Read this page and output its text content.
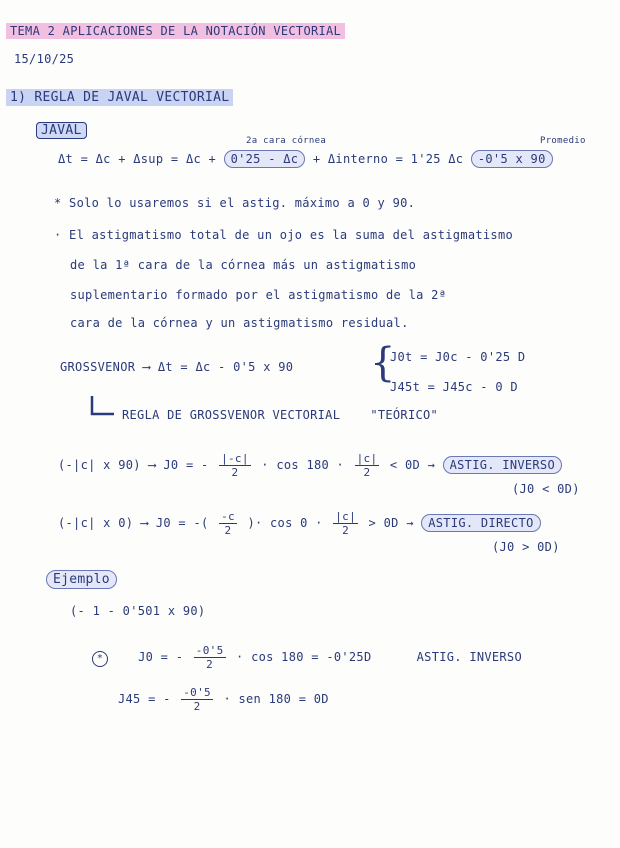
TEMA 2 APLICACIONES DE LA NOTACIÓN VECTORIAL
15/10/25
1) REGLA DE JAVAL VECTORIAL
JAVAL
2a cara córnea	Promedio
Δt = Δc + Δsup = Δc + 0'25 - Δc + Δinterno = 1'25 Δc -0'5 x 90
* Solo lo usaremos si el astig. máximo a 0 y 90.
· El astigmatismo total de un ojo es la suma del astigmatismo
de la 1ª cara de la córnea más un astigmatismo
suplementario formado por el astigmatismo de la 2ª
cara de la córnea y un astigmatismo residual.
GROSSVENOR ⟶ Δt = Δc - 0'5 x 90 {
J0t = J0c - 0'25 D
J45t = J45c - 0 D
REGLA DE GROSSVENOR VECTORIAL	"TEÓRICO"
(-|c| x 90) ⟶ J0 = - $\frac{|-c|}{2} \cdot \cos 180 \cdot \frac{|c|}{2} < 0D$ → ASTIG. INVERSO
(J0 < 0D)
(-|c| x 0) ⟶ J0 = -( $\frac{-c}{2}$ )· $\cos 0 \cdot \frac{|c|}{2} > 0D$ → ASTIG. DIRECTO
(J0 > 0D)
Ejemplo
(- 1 - 0'501 x 90)
*	J0 = - $\frac{-0'5}{2} \cdot \cos 180 = -0'25D$	ASTIG. INVERSO
J45 = - $\frac{-0'5}{2}$ · sen 180 = 0D
